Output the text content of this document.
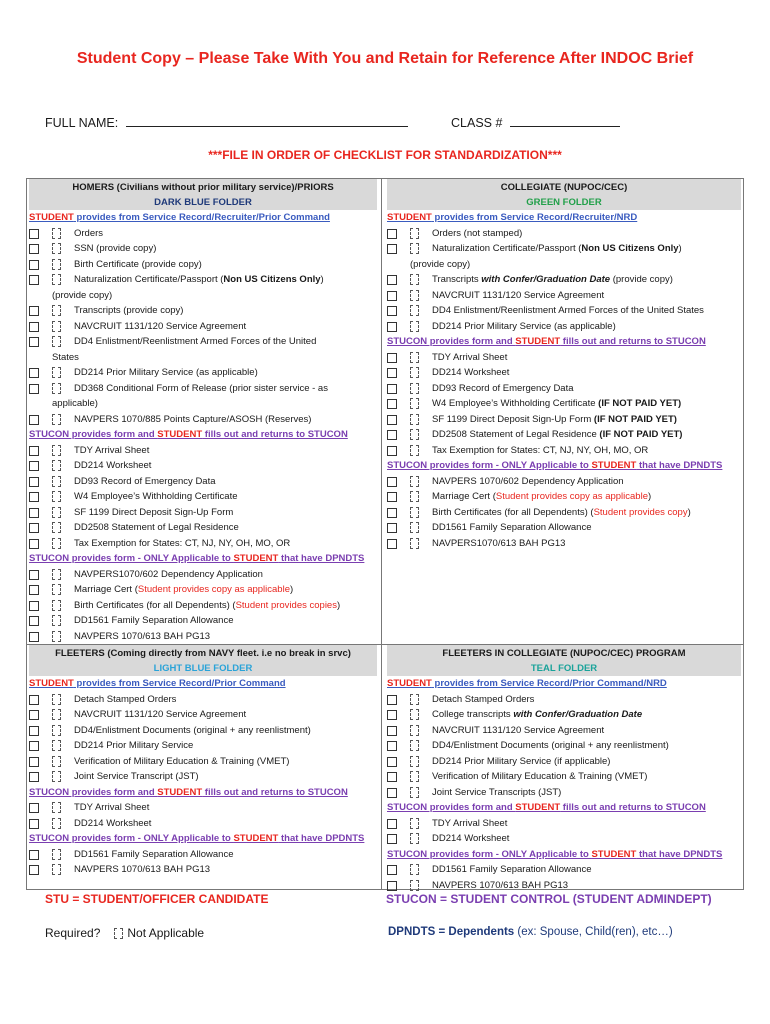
Student Copy – Please Take With You and Retain for Reference After INDOC Brief
FULL NAME:	CLASS #
***FILE IN ORDER OF CHECKLIST FOR STANDARDIZATION***
HOMERS (Civilians without prior military service)/PRIORS
DARK BLUE FOLDER
STUDENT provides from Service Record/Recruiter/Prior Command
Orders
SSN (provide copy)
Birth Certificate (provide copy)
Naturalization Certificate/Passport (Non US Citizens Only)
(provide copy)
Transcripts (provide copy)
NAVCRUIT 1131/120 Service Agreement
DD4 Enlistment/Reenlistment Armed Forces of the United
States
DD214 Prior Military Service (as applicable)
DD368 Conditional Form of Release (prior sister service - as
applicable)
NAVPERS 1070/885 Points Capture/ASOSH (Reserves)
STUCON provides form and STUDENT fills out and returns to STUCON
TDY Arrival Sheet
DD214 Worksheet
DD93 Record of Emergency Data
W4 Employee’s Withholding Certificate
SF 1199 Direct Deposit Sign-Up Form
DD2508 Statement of Legal Residence
Tax Exemption for States: CT, NJ, NY, OH, MO, OR
STUCON provides form - ONLY Applicable to STUDENT that have DPNDTS
NAVPERS1070/602 Dependency Application
Marriage Cert (Student provides copy as applicable)
Birth Certificates (for all Dependents) (Student provides copies)
DD1561 Family Separation Allowance
NAVPERS 1070/613 BAH PG13
COLLEGIATE (NUPOC/CEC)
GREEN FOLDER
STUDENT provides from Service Record/Recruiter/NRD
Orders (not stamped)
Naturalization Certificate/Passport (Non US Citizens Only)
(provide copy)
Transcripts with Confer/Graduation Date (provide copy)
NAVCRUIT 1131/120 Service Agreement
DD4 Enlistment/Reenlistment Armed Forces of the United States
DD214 Prior Military Service (as applicable)
STUCON provides form and STUDENT fills out and returns to STUCON
TDY Arrival Sheet
DD214 Worksheet
DD93 Record of Emergency Data
W4 Employee’s Withholding Certificate (IF NOT PAID YET)
SF 1199 Direct Deposit Sign-Up Form (IF NOT PAID YET)
DD2508 Statement of Legal Residence (IF NOT PAID YET)
Tax Exemption for States: CT, NJ, NY, OH, MO, OR
STUCON provides form - ONLY Applicable to STUDENT that have DPNDTS
NAVPERS 1070/602 Dependency Application
Marriage Cert (Student provides copy as applicable)
Birth Certificates (for all Dependents) (Student provides copy)
DD1561 Family Separation Allowance
NAVPERS1070/613 BAH PG13
FLEETERS (Coming directly from NAVY fleet. i.e no break in srvc)
LIGHT BLUE FOLDER
STUDENT provides from Service Record/Prior Command
Detach Stamped Orders
NAVCRUIT 1131/120 Service Agreement
DD4/Enlistment Documents (original + any reenlistment)
DD214 Prior Military Service
Verification of Military Education & Training (VMET)
Joint Service Transcript (JST)
STUCON provides form and STUDENT fills out and returns to STUCON
TDY Arrival Sheet
DD214 Worksheet
STUCON provides form - ONLY Applicable to STUDENT that have DPDNTS
DD1561 Family Separation Allowance
NAVPERS 1070/613 BAH PG13
FLEETERS IN COLLEGIATE (NUPOC/CEC) PROGRAM
TEAL FOLDER
STUDENT provides from Service Record/Prior Command/NRD
Detach Stamped Orders
College transcripts with Confer/Graduation Date
NAVCRUIT 1131/120 Service Agreement
DD4/Enlistment Documents (original + any reenlistment)
DD214 Prior Military Service (if applicable)
Verification of Military Education & Training (VMET)
Joint Service Transcripts (JST)
STUCON provides form and STUDENT fills out and returns to STUCON
TDY Arrival Sheet
DD214 Worksheet
STUCON provides form - ONLY Applicable to STUDENT that have DPNDTS
DD1561 Family Separation Allowance
NAVPERS 1070/613 BAH PG13
STU = STUDENT/OFFICER CANDIDATE	STUCON = STUDENT CONTROL (STUDENT ADMINDEPT)
Required? Not Applicable	DPNDTS = Dependents (ex: Spouse, Child(ren), etc…)
